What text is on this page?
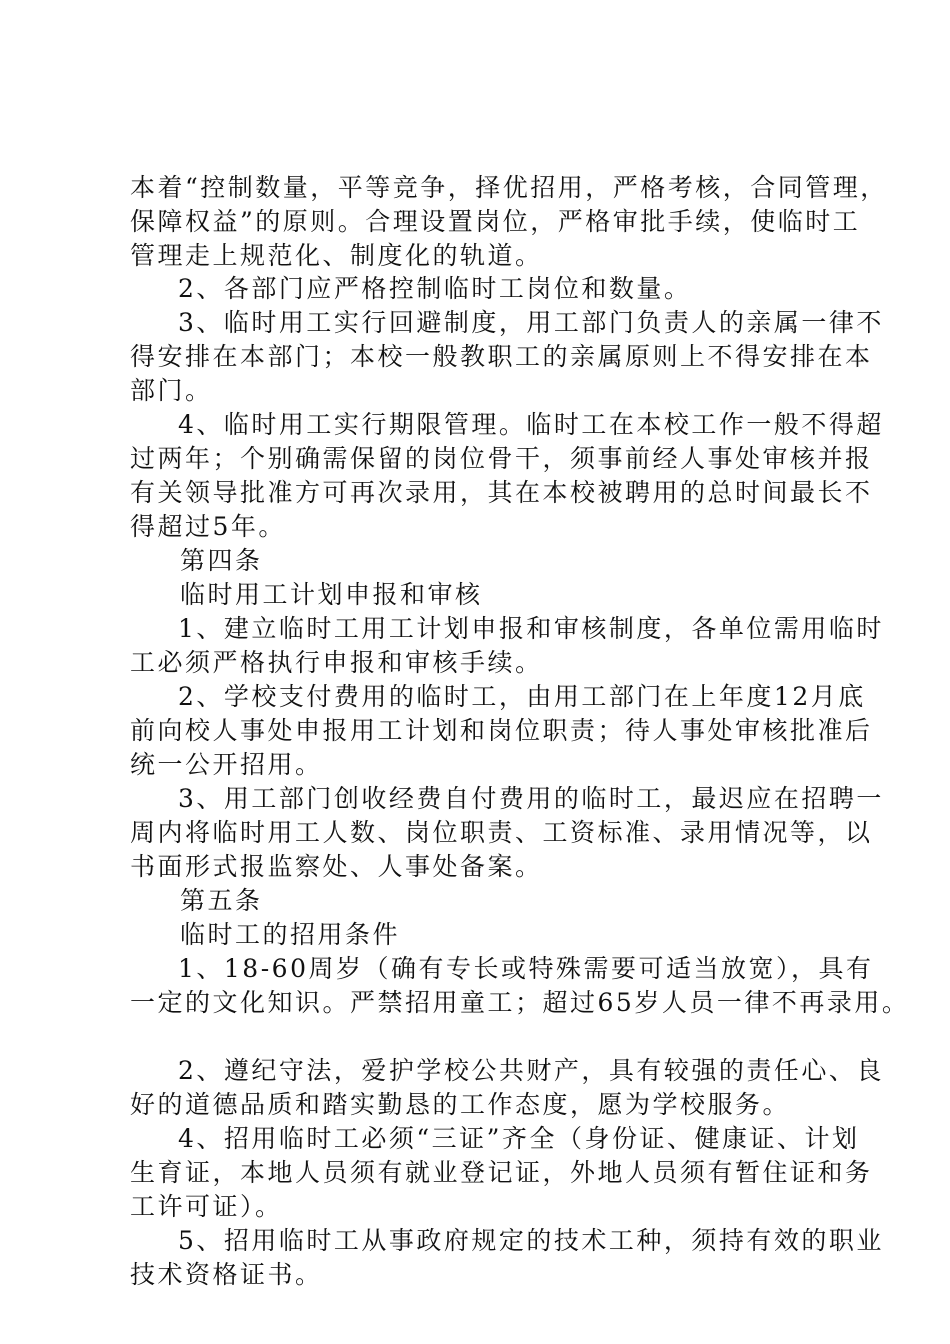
本着“控制数量，平等竞争，择优招用，严格考核，合同管理，

保障权益”的原则。合理设置岗位，严格审批手续，使临时工

管理走上规范化、制度化的轨道。

2、各部门应严格控制临时工岗位和数量。

3、临时用工实行回避制度，用工部门负责人的亲属一律不

得安排在本部门；本校一般教职工的亲属原则上不得安排在本

部门。

4、临时用工实行期限管理。临时工在本校工作一般不得超

过两年；个别确需保留的岗位骨干，须事前经人事处审核并报

有关领导批准方可再次录用，其在本校被聘用的总时间最长不

得超过5年。

第四条

临时用工计划申报和审核

1、建立临时工用工计划申报和审核制度，各单位需用临时

工必须严格执行申报和审核手续。

2、学校支付费用的临时工，由用工部门在上年度12月底

前向校人事处申报用工计划和岗位职责；待人事处审核批准后

统一公开招用。

3、用工部门创收经费自付费用的临时工，最迟应在招聘一

周内将临时用工人数、岗位职责、工资标准、录用情况等，以

书面形式报监察处、人事处备案。

第五条

临时工的招用条件

1、18-60周岁（确有专长或特殊需要可适当放宽），具有

一定的文化知识。严禁招用童工；超过65岁人员一律不再录用。

2、遵纪守法，爱护学校公共财产，具有较强的责任心、良

好的道德品质和踏实勤恳的工作态度，愿为学校服务。

4、招用临时工必须“三证”齐全（身份证、健康证、计划

生育证，本地人员须有就业登记证，外地人员须有暂住证和务

工许可证）。

5、招用临时工从事政府规定的技术工种，须持有效的职业

技术资格证书。
